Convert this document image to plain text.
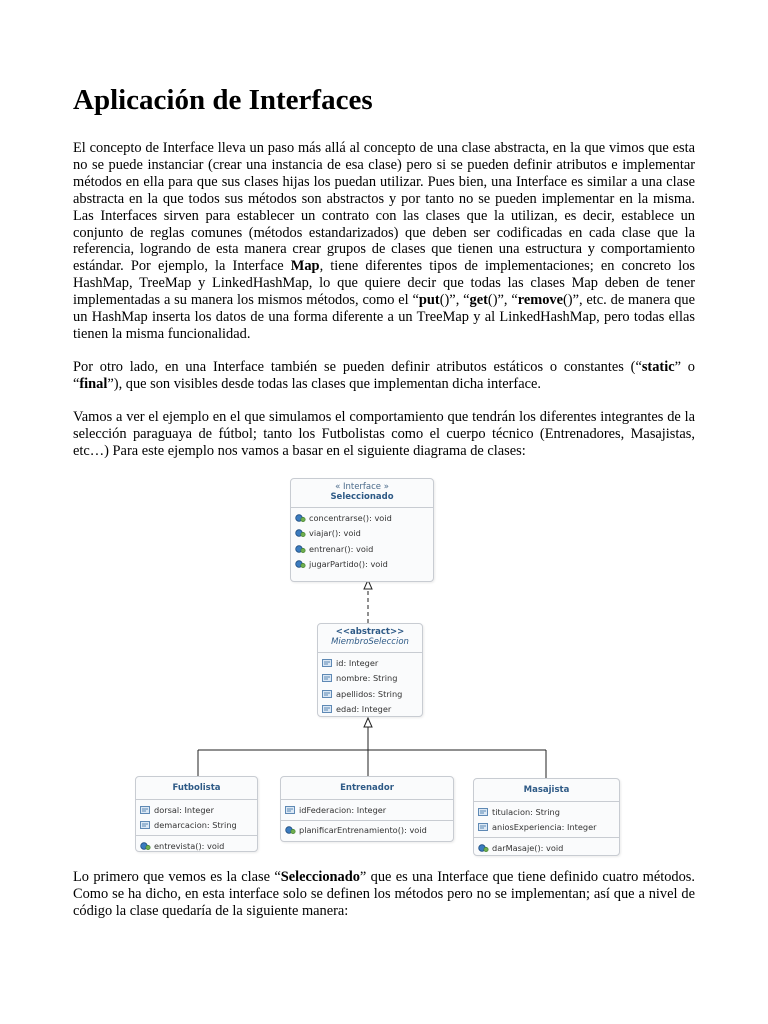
Aplicación de Interfaces

El concepto de Interface lleva un paso más allá al concepto de una clase abstracta, en la que vimos que esta no se puede instanciar (crear una instancia de esa clase) pero si se pueden definir atributos e implementar métodos en ella para que sus clases hijas los puedan utilizar. Pues bien, una Interface es similar a una clase abstracta en la que todos sus métodos son abstractos y por tanto no se pueden implementar en la misma. Las Interfaces sirven para establecer un contrato con las clases que la utilizan, es decir, establece un conjunto de reglas comunes (métodos estandarizados) que deben ser codificadas en cada clase que la referencia, logrando de esta manera crear grupos de clases que tienen una estructura y comportamiento estándar. Por ejemplo, la Interface Map, tiene diferentes tipos de implementaciones; en concreto los HashMap, TreeMap y LinkedHashMap, lo que quiere decir que todas las clases Map deben de tener implementadas a su manera los mismos métodos, como el “put()”, “get()”, “remove()”, etc. de manera que un HashMap inserta los datos de una forma diferente a un TreeMap y al LinkedHashMap, pero todas ellas tienen la misma funcionalidad.

Por otro lado, en una Interface también se pueden definir atributos estáticos o constantes (“static” o “final”), que son visibles desde todas las clases que implementan dicha interface.

Vamos a ver el ejemplo en el que simulamos el comportamiento que tendrán los diferentes integrantes de la selección paraguaya de fútbol; tanto los Futbolistas como el cuerpo técnico (Entrenadores, Masajistas, etc…) Para este ejemplo nos vamos a basar en el siguiente diagrama de clases:

« Interface »
Seleccionado
concentrarse(): void
viajar(): void
entrenar(): void
jugarPartido(): void
<<abstract>>
MiembroSeleccion
id: Integer
nombre: String
apellidos: String
edad: Integer
Futbolista
dorsal: Integer
demarcacion: String
entrevista(): void
Entrenador
idFederacion: Integer
planificarEntrenamiento(): void
Masajista
titulacion: String
aniosExperiencia: Integer
darMasaje(): void

Lo primero que vemos es la clase “Seleccionado” que es una Interface que tiene definido cuatro métodos. Como se ha dicho, en esta interface solo se definen los métodos pero no se implementan; así que a nivel de código la clase quedaría de la siguiente manera:
